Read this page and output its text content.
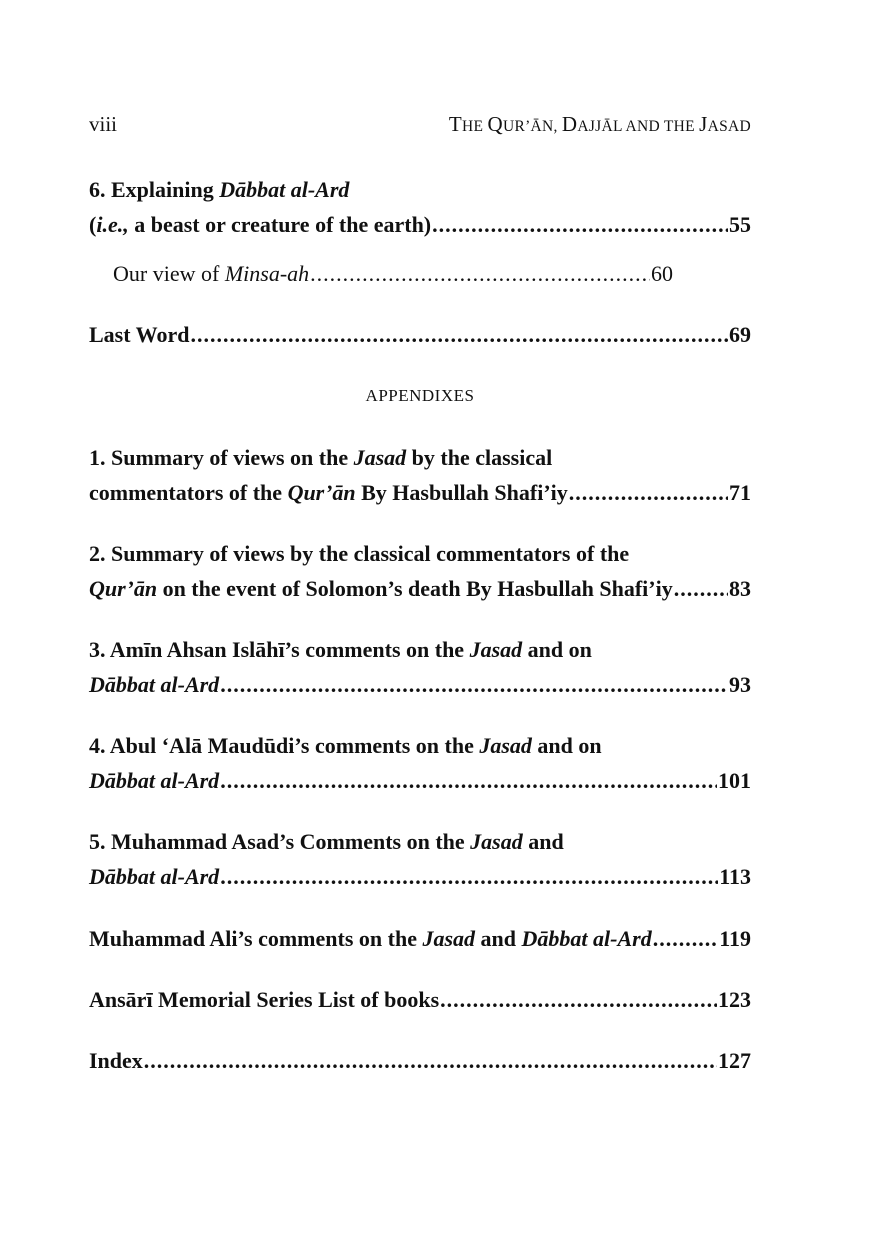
viii	THE QUR’ĀN, DAJJĀL AND THE JASAD
6. Explaining Dābbat al-Ard
(i.e., a beast or creature of the earth) .....	55
Our view of Minsa-ah .....	60
Last Word .....	69
APPENDIXES
1. Summary of views on the Jasad by the classical
commentators of the Qur’ān By Hasbullah Shafi’iy .....	71
2. Summary of views by the classical commentators of the
Qur’ān on the event of Solomon’s death By Hasbullah Shafi’iy .....	83
3. Amīn Ahsan Islāhī’s comments on the Jasad and on
Dābbat al-Ard .....	93
4. Abul ‘Alā Maudūdi’s comments on the Jasad and on
Dābbat al-Ard .....	101
5. Muhammad Asad’s Comments on the Jasad and
Dābbat al-Ard .....	113
Muhammad Ali’s comments on the Jasad and Dābbat al-Ard .....	119
Ansārī Memorial Series List of books .....	123
Index .....	127
